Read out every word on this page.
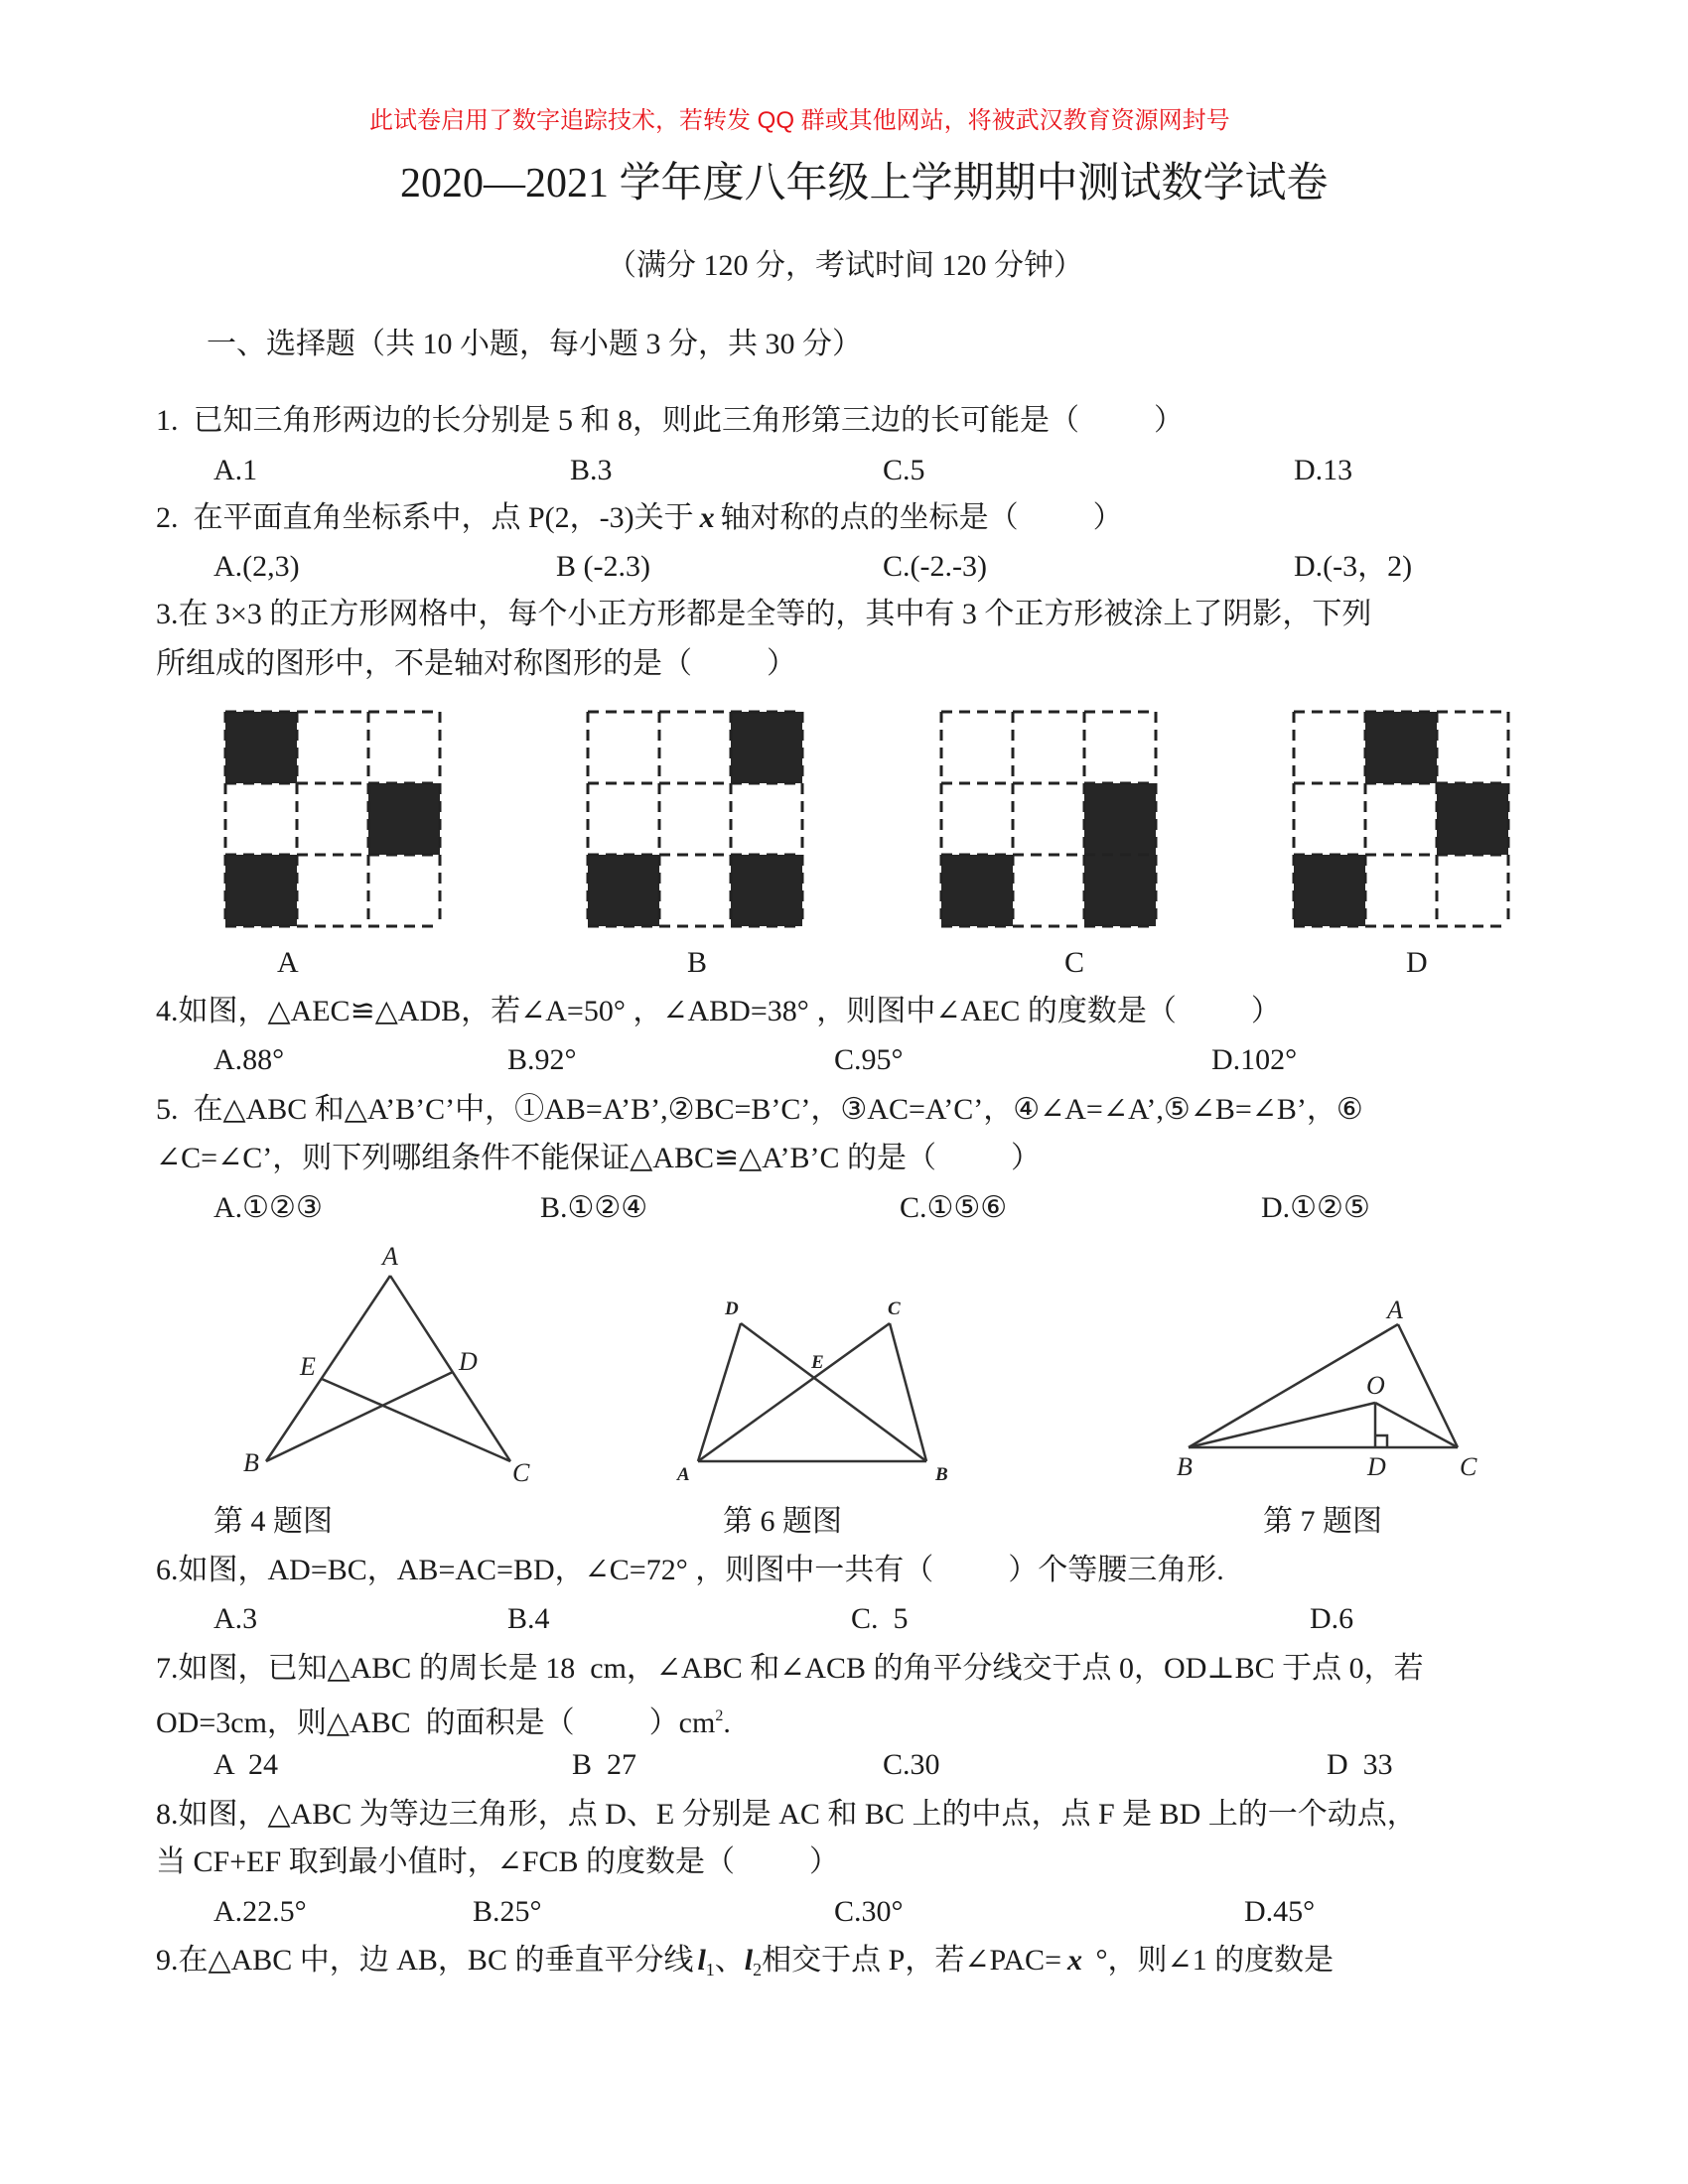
此试卷启用了数字追踪技术，若转发 QQ 群或其他网站，将被武汉教育资源网封号
2020—2021 学年度八年级上学期期中测试数学试卷
（满分 120 分，考试时间 120 分钟）
一、选择题（共 10 小题，每小题 3 分，共 30 分）
1.  已知三角形两边的长分别是 5 和 8，则此三角形第三边的长可能是（          ）
A.1	B.3	C.5	D.13
2.  在平面直角坐标系中，点 P(2，-3)关于 x 轴对称的点的坐标是（          ）
A.(2,3)	B (-2.3)	C.(-2.-3)	D.(-3，2)
3.在 3×3 的正方形网格中，每个小正方形都是全等的，其中有 3 个正方形被涂上了阴影，下列
所组成的图形中，不是轴对称图形的是（          ）
A	B	C	D
4.如图，△AEC≌△ADB，若∠A=50° ，∠ABD=38° ，则图中∠AEC 的度数是（          ）
A.88°	B.92°	C.95°	D.102°
5.  在△ABC 和△A’B’C’中，①AB=A’B’,②BC=B’C’，③AC=A’C’，④∠A=∠A’,⑤∠B=∠B’，⑥
∠C=∠C’，则下列哪组条件不能保证△ABC≌△A’B’C 的是（          ）
A.①②③	B.①②④	C.①⑤⑥	D.①②⑤
A
E	D
B	C
D	C
E
A	B
A
O
B	D	C
第 4 题图	第 6 题图	第 7 题图
6.如图，AD=BC，AB=AC=BD，∠C=72° ，则图中一共有（          ）个等腰三角形.
A.3	B.4	C.  5	D.6
7.如图，已知△ABC 的周长是 18  cm，∠ABC 和∠ACB 的角平分线交于点 0，OD⊥BC 于点 0，若
OD=3cm，则△ABC  的面积是（          ）$cm^2$.
A  24	B  27	C.30	D  33
8.如图，△ABC 为等边三角形，点 D、E 分别是 AC 和 BC 上的中点，点 F 是 BD 上的一个动点，
当 CF+EF 取到最小值时，∠FCB 的度数是（          ）
A.22.5°	B.25°	C.30°	D.45°
9.在△ABC 中，边 AB，BC 的垂直平分线 $l_1$、$l_2$相交于点 P，若∠PAC= x °，则∠1 的度数是
